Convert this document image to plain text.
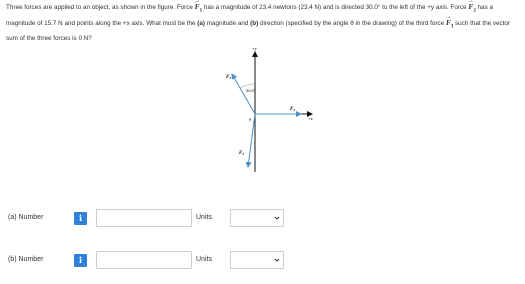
Three forces are applied to an object, as shown in the figure. Force
→
$F_1$ has a magnitude of 23.4 newtons (23.4 N) and is directed 30.0° to the left of the +y axis. Force
→
$F_2$ has a magnitude of 15.7 N and points along the +x axis. What must be the (a) magnitude and (b) direction (specified by the angle θ in the drawing) of the third force
→
$F_3$ such that the vector sum of the three forces is 0 N?
+y
+x
30.0°
$F_1$
$F_2$
$F_3$
θ
(a) Number	i	Units
(b) Number	i	Units
